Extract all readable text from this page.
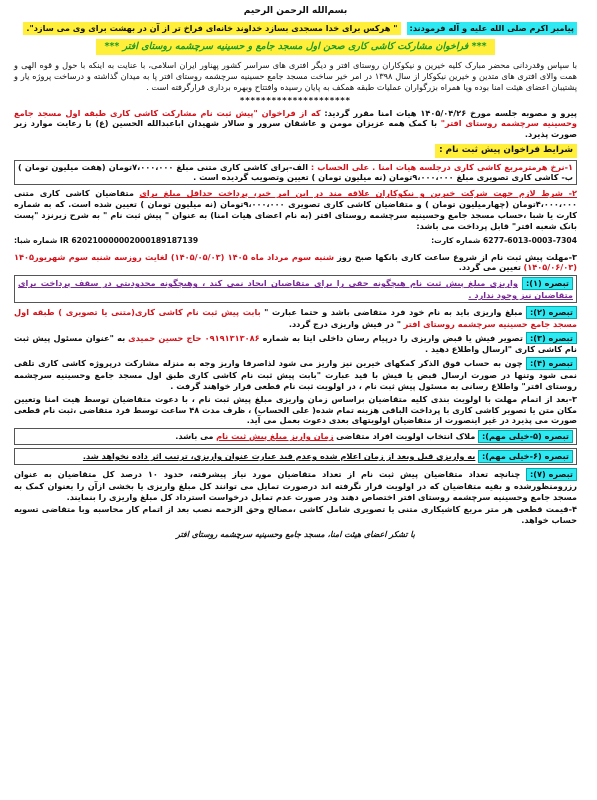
بسم‌الله الرحمن الرحیم
پیامبر اکرم صلی الله علیه و آله فرمودند:
" هرکس برای خدا مسجدی بسازد خداوند خانه‌ای فراخ تر از آن در بهشت برای وی می سازد".
*** فراخوان مشارکت کاشی کاری صحن اول مسجد جامع و حسینیه سرچشمه روستای افتر ***

با سپاس وقدردانی محضر مبارک کلیه خیرین و نیکوکاران روستای افتر و دیگر افتری های سراسر کشور پهناور ایران اسلامی، با عنایت به اینکه با حول و قوه الهی و همت والای افتری های متدین و خیرین نیکوکار از سال ۱۳۹۸ در امر خیر ساخت مسجد جامع حسینیه سرچشمه روستای افتر پا به میدان گذاشته و درساخت پروژه یار و پشتیبان اعضای هیئت امنا بوده ویا همراه بزرگواران عملیات طبقه همکف به پایان رسیده وافتتاح وبهره برداری قرارگرفته است .

*********************

پیرو و مصوبه جلسه مورخ ۱۴۰۵/۰۴/۲۶ هیات امنا مقرر گردید: که از فراخوان "پیش ثبت نام مشارکت کاشی کاری طبقه اول مسجد جامع وحسینیه سرچشمه روستای افتر" با کمک همه عزیزان مومن و عاشقان سرور و سالار شهیدان اباعبدالله الحسین (ع) با رعایت موارد زیر صورت پذیرد.

شرایط فراخوان پیش ثبت نام :

۱-نرخ هرمترمربع کاشی کاری درجلسه هیات امنا . علی الحساب : الف-برای کاشی کاری متنی مبلغ ۷،۰۰۰،۰۰۰تومان (هفت میلیون تومان ) ب- کاشی کاری تصویری مبلغ ۹،۰۰۰،۰۰۰تومان (نه میلیون تومان ) تعیین وتصویب گردیده است .

۲- شرط لازم جهت شرکت خیرین و نیکوکاران علاقه مند در این امر خیر، پرداخت حداقل مبلغ برای متقاضیان کاشی کاری متنی ۴،۰۰۰،۰۰۰تومان (چهارمیلیون تومان ) و متقاضیان کاشی کاری تصویری ۹،۰۰۰،۰۰۰تومان (نه میلیون تومان ) تعیین شده است. که به شماره کارت یا شبا ،حساب مسجد جامع وحسینیه سرچشمه روستای افتر (به نام اعضای هیات امنا) به عنوان " پیش ثبت نام " به شرح زیرنزد "پست بانک شعبه افتر" قابل پرداخت می باشد:

IR 620210000002000189187139 شماره شبا:	6277-6013-0003-7304 شماره کارت:

۳-مهلت پیش ثبت نام از شروع ساعت کاری بانکها صبح روز شنبه سوم مرداد ماه ۱۴۰۵ (۱۴۰۵/۰۵/۰۳) لغایت روزسه شنبه سوم شهریور۱۴۰۵ (۱۴۰۵/۰۶/۰۳) تعیین می گردد.

تبصره (۱): واریزی مبلغ پیش ثبت نام هیچگونه حقی را برای متقاضیان ایجاد نمی کند ، وهیچگونه محدودیتی در سقف پرداخت برای متقاضیان نیز وجود ندارد .

تبصره (۲): مبلغ واریزی باید به نام خود فرد متقاضی باشد و حتما عبارت " بابت پیش ثبت نام کاشی کاری(متنی یا تصویری ) طبقه اول مسجد جامع حسینیه سرچشمه روستای افتر " در فیش واریزی درج گردد.

تبصره (۳): تصویر فیش یا قبض واریزی را درپیام رسان داخلی ایتا به شماره ۰۹۱۹۱۳۱۳۰۸۶ حاج حسین حمیدی به "عنوان مسئول پیش ثبت نام کاشی کاری "ارسال واطلاع دهید .

تبصره (۴): چون به حساب فوق الذکر کمکهای خیرین نیز واریز می شود لذاصرفا واریز وجه به منزله مشارکت درپروژه کاشی کاری تلقی نمی شود وتنها در صورت ارسال قبض یا فیش با قید عبارت "بابت پیش ثبت نام کاشی کاری طبق اول مسجد جامع وحسینیه سرچشمه روستای افتر" واطلاع رسانی به مسئول پیش ثبت نام ، در اولویت ثبت نام قطعی قرار خواهند گرفت .

۳-بعد از اتمام مهلت با اولویت بندی کلیه متقاضیان براساس زمان واریزی مبلغ پیش ثبت نام ، با دعوت متقاضیان توسط هیت امنا وتعیین مکان متن یا تصویر کاشی کاری با پرداخت الباقی هزینه تمام شده( علی الحساب) ، ظرف مدت ۴۸ ساعت توسط فرد متقاضی ،ثبت نام قطعی صورت می پذیرد در غیر اینصورت از متقاضیان اولویتهای بعدی دعوت بعمل می آید.

تبصره (۵-خیلی مهم): ملاک انتخاب اولویت افراد متقاضی زمان واریز مبلغ پیش ثبت نام می باشد.

تبصره (۶-خیلی مهم): به واریزی قبل وبعد از زمان اعلام شده وعدم قید عبارت عنوان واریزی، ترتیب اثر داده نخواهد شد.

تبصره (۷): چنانچه تعداد متقاضیان پیش ثبت نام از تعداد متقاضیان مورد نیاز پیشرفته، حدود ۱۰ درصد کل متقاضیان به عنوان رزرومنظورشده و بقیه متقاضیان که در اولویت قرار نگرفته اند درصورت تمایل می توانند کل مبلغ واریزی یا بخشی ازآن را بعنوان کمک به مسجد جامع وحسینیه سرچشمه روستای افتر اختصاص دهند ودر صورت عدم تمایل درخواست استرداد کل مبلغ واریزی را بنمایند.

۴-قیمت قطعی هر متر مربع کاشیکاری متنی یا تصویری شامل کاشی ،مصالح وحق الزحمه نصب بعد از اتمام کار محاسبه وبا متقاضی تسویه حساب خواهد.

با تشکر اعضای هیئت امنا، مسجد جامع وحسینیه سرچشمه روستای افتر
